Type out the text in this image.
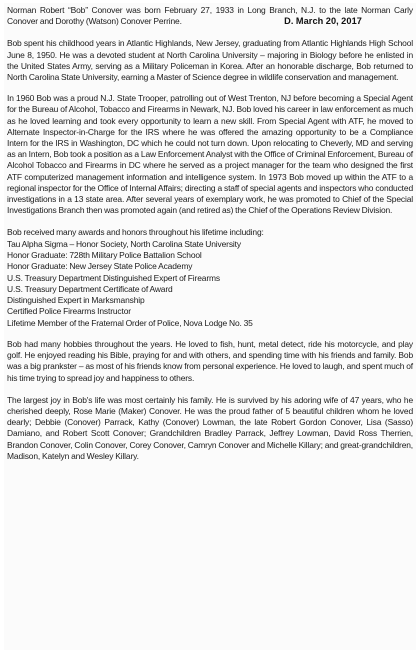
Norman Robert “Bob” Conover was born February 27, 1933 in Long Branch, N.J. to the late Norman Carly Conover and Dorothy (Watson) Conover Perrine.	D. March 20, 2017

Bob spent his childhood years in Atlantic Highlands, New Jersey, graduating from Atlantic Highlands High School June 8, 1950. He was a devoted student at North Carolina University – majoring in Biology before he enlisted in the United States Army, serving as a Military Policeman in Korea. After an honorable discharge, Bob returned to North Carolina State University, earning a Master of Science degree in wildlife conservation and management.

In 1960 Bob was a proud N.J. State Trooper, patrolling out of West Trenton, NJ before becoming a Special Agent for the Bureau of Alcohol, Tobacco and Firearms in Newark, NJ. Bob loved his career in law enforcement as much as he loved learning and took every opportunity to learn a new skill. From Special Agent with ATF, he moved to Alternate Inspector-in-Charge for the IRS where he was offered the amazing opportunity to be a Compliance Intern for the IRS in Washington, DC which he could not turn down. Upon relocating to Cheverly, MD and serving as an Intern, Bob took a position as a Law Enforcement Analyst with the Office of Criminal Enforcement, Bureau of Alcohol Tobacco and Firearms in DC where he served as a project manager for the team who designed the first ATF computerized management information and intelligence system. In 1973 Bob moved up within the ATF to a regional inspector for the Office of Internal Affairs; directing a staff of special agents and inspectors who conducted investigations in a 13 state area. After several years of exemplary work, he was promoted to Chief of the Special Investigations Branch then was promoted again (and retired as) the Chief of the Operations Review Division.

Bob received many awards and honors throughout his lifetime including:

Tau Alpha Sigma – Honor Society, North Carolina State University
Honor Graduate: 728th Military Police Battalion School
Honor Graduate: New Jersey State Police Academy
U.S. Treasury Department Distinguished Expert of Firearms
U.S. Treasury Department Certificate of Award
Distinguished Expert in Marksmanship
Certified Police Firearms Instructor
Lifetime Member of the Fraternal Order of Police, Nova Lodge No. 35

Bob had many hobbies throughout the years. He loved to fish, hunt, metal detect, ride his motorcycle, and play golf. He enjoyed reading his Bible, praying for and with others, and spending time with his friends and family. Bob was a big prankster – as most of his friends know from personal experience. He loved to laugh, and spent much of his time trying to spread joy and happiness to others.

The largest joy in Bob's life was most certainly his family. He is survived by his adoring wife of 47 years, who he cherished deeply, Rose Marie (Maker) Conover. He was the proud father of 5 beautiful children whom he loved dearly; Debbie (Conover) Parrack, Kathy (Conover) Lowman, the late Robert Gordon Conover, Lisa (Sasso) Damiano, and Robert Scott Conover; Grandchildren Bradley Parrack, Jeffrey Lowman, David Ross Therrien, Brandon Conover, Colin Conover, Corey Conover, Camryn Conover and Michelle Killary; and great-grandchildren, Madison, Katelyn and Wesley Killary.
